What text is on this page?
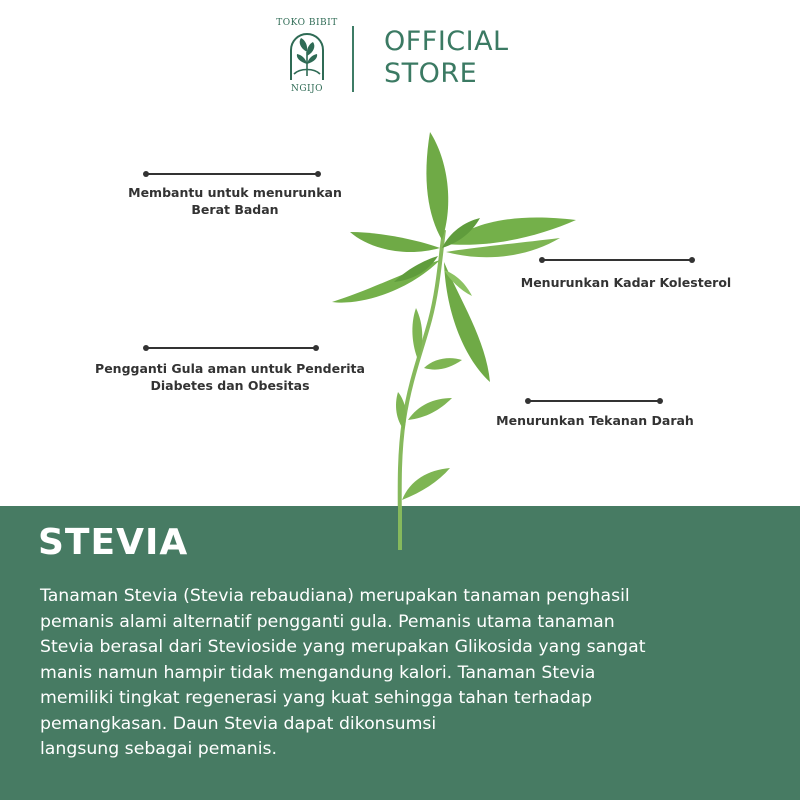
TOKO BIBIT
NGIJO
OFFICIAL
STORE
Membantu untuk menurunkan
Berat Badan
Menurunkan Kadar Kolesterol
Pengganti Gula aman untuk Penderita
Diabetes dan Obesitas
Menurunkan Tekanan Darah
STEVIA
Tanaman Stevia (Stevia rebaudiana) merupakan tanaman penghasil
pemanis alami alternatif pengganti gula. Pemanis utama tanaman
Stevia berasal dari Stevioside yang merupakan Glikosida yang sangat
manis namun hampir tidak mengandung kalori. Tanaman Stevia
memiliki tingkat regenerasi yang kuat sehingga tahan terhadap
pemangkasan. Daun Stevia dapat dikonsumsi
langsung sebagai pemanis.
